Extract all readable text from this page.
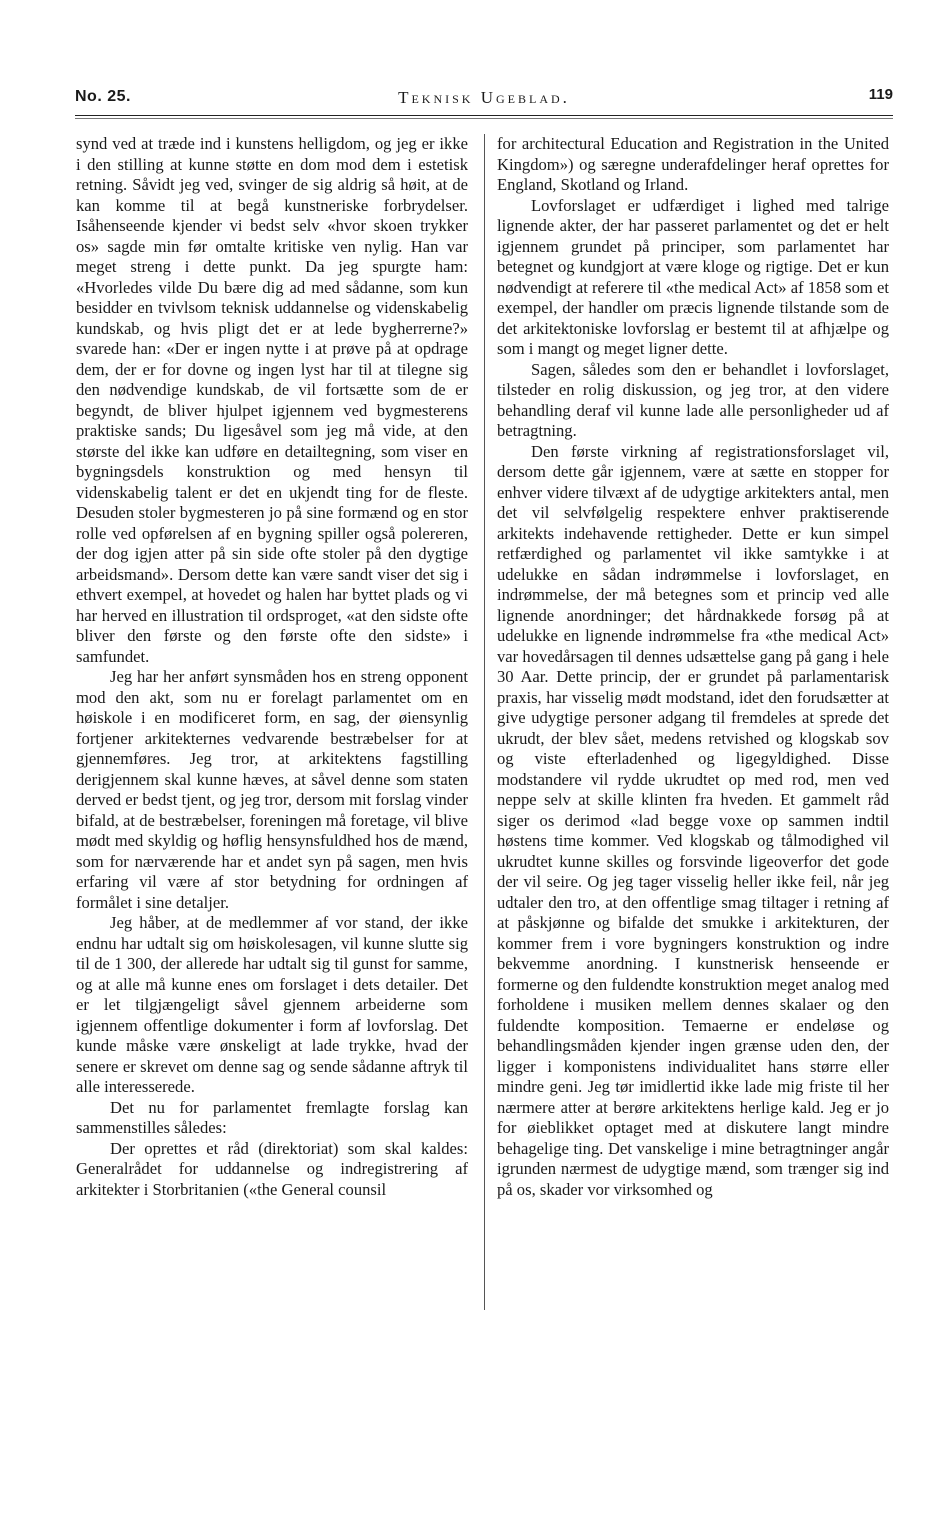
No. 25.	Teknisk Ugeblad.	119

synd ved at træde ind i kunstens helligdom, og jeg er ikke i den stilling at kunne støtte en dom mod dem i estetisk retning. Såvidt jeg ved, svinger de sig aldrig så høit, at de kan komme til at begå kunstneriske forbrydelser. Isåhenseende kjender vi bedst selv «hvor skoen trykker os» sagde min før omtalte kritiske ven nylig. Han var meget streng i dette punkt. Da jeg spurgte ham: «Hvorledes vilde Du bære dig ad med sådanne, som kun besidder en tvivlsom teknisk uddannelse og videnskabelig kundskab, og hvis pligt det er at lede bygherrerne?» svarede han: «Der er ingen nytte i at prøve på at opdrage dem, der er for dovne og ingen lyst har til at tilegne sig den nødvendige kundskab, de vil fortsætte som de er begyndt, de bliver hjulpet igjennem ved bygmesterens praktiske sands; Du ligesåvel som jeg må vide, at den største del ikke kan udføre en detailtegning, som viser en bygningsdels konstruktion og med hensyn til videnskabelig talent er det en ukjendt ting for de fleste. Desuden stoler bygmesteren jo på sine formænd og en stor rolle ved opførelsen af en bygning spiller også polereren, der dog igjen atter på sin side ofte stoler på den dygtige arbeidsmand». Dersom dette kan være sandt viser det sig i ethvert exempel, at hovedet og halen har byttet plads og vi har herved en illustration til ordsproget, «at den sidste ofte bliver den første og den første ofte den sidste» i samfundet.

Jeg har her anført synsmåden hos en streng opponent mod den akt, som nu er forelagt parlamentet om en høiskole i en modificeret form, en sag, der øiensynlig fortjener arkitekternes vedvarende bestræbelser for at gjennemføres. Jeg tror, at arkitektens fagstilling derigjennem skal kunne hæves, at såvel denne som staten derved er bedst tjent, og jeg tror, dersom mit forslag vinder bifald, at de bestræbelser, foreningen må foretage, vil blive mødt med skyldig og høflig hensynsfuldhed hos de mænd, som for nærværende har et andet syn på sagen, men hvis erfaring vil være af stor betydning for ordningen af formålet i sine detaljer.

Jeg håber, at de medlemmer af vor stand, der ikke endnu har udtalt sig om høiskolesagen, vil kunne slutte sig til de 1 300, der allerede har udtalt sig til gunst for samme, og at alle må kunne enes om forslaget i dets detailer. Det er let tilgjængeligt såvel gjennem arbeiderne som igjennem offentlige dokumenter i form af lovforslag. Det kunde måske være ønskeligt at lade trykke, hvad der senere er skrevet om denne sag og sende sådanne aftryk til alle interesserede.

Det nu for parlamentet fremlagte forslag kan sammenstilles således:

Der oprettes et råd (direktoriat) som skal kaldes: Generalrådet for uddannelse og indregistrering af arkitekter i Storbritanien («the General counsil

for architectural Education and Registration in the United Kingdom») og særegne underafdelinger heraf oprettes for England, Skotland og Irland.

Lovforslaget er udfærdiget i lighed med talrige lignende akter, der har passeret parlamentet og det er helt igjennem grundet på principer, som parlamentet har betegnet og kundgjort at være kloge og rigtige. Det er kun nødvendigt at referere til «the medical Act» af 1858 som et exempel, der handler om præcis lignende tilstande som de det arkitektoniske lovforslag er bestemt til at afhjælpe og som i mangt og meget ligner dette.

Sagen, således som den er behandlet i lovforslaget, tilsteder en rolig diskussion, og jeg tror, at den videre behandling deraf vil kunne lade alle personligheder ud af betragtning.

Den første virkning af registrationsforslaget vil, dersom dette går igjennem, være at sætte en stopper for enhver videre tilvæxt af de udygtige arkitekters antal, men det vil selvfølgelig respektere enhver praktiserende arkitekts indehavende rettigheder. Dette er kun simpel retfærdighed og parlamentet vil ikke samtykke i at udelukke en sådan indrømmelse i lovforslaget, en indrømmelse, der må betegnes som et princip ved alle lignende anordninger; det hårdnakkede forsøg på at udelukke en lignende indrømmelse fra «the medical Act» var hovedårsagen til dennes udsættelse gang på gang i hele 30 Aar. Dette princip, der er grundet på parlamentarisk praxis, har visselig mødt modstand, idet den forudsætter at give udygtige personer adgang til fremdeles at sprede det ukrudt, der blev sået, medens retvished og klogskab sov og viste efterladenhed og ligegyldighed. Disse modstandere vil rydde ukrudtet op med rod, men ved neppe selv at skille klinten fra hveden. Et gammelt råd siger os derimod «lad begge voxe op sammen indtil høstens time kommer. Ved klogskab og tålmodighed vil ukrudtet kunne skilles og forsvinde ligeoverfor det gode der vil seire. Og jeg tager visselig heller ikke feil, når jeg udtaler den tro, at den offentlige smag tiltager i retning af at påskjønne og bifalde det smukke i arkitekturen, der kommer frem i vore bygningers konstruktion og indre bekvemme anordning. I kunstnerisk henseende er formerne og den fuldendte konstruktion meget analog med forholdene i musiken mellem dennes skalaer og den fuldendte komposition. Temaerne er endeløse og behandlingsmåden kjender ingen grænse uden den, der ligger i komponistens individualitet hans større eller mindre geni. Jeg tør imidlertid ikke lade mig friste til her nærmere atter at berøre arkitektens herlige kald. Jeg er jo for øieblikket optaget med at diskutere langt mindre behagelige ting. Det vanskelige i mine betragtninger angår igrunden nærmest de udygtige mænd, som trænger sig ind på os, skader vor virksomhed og
